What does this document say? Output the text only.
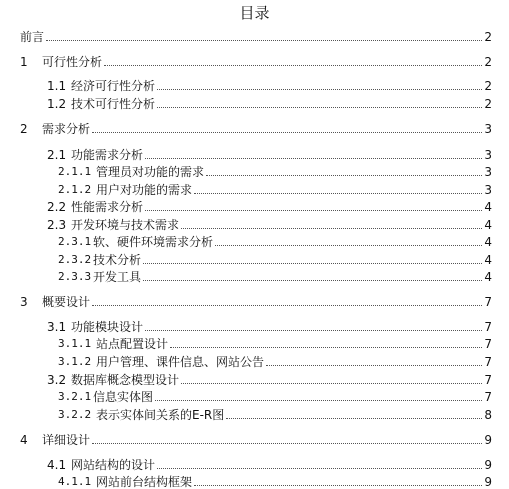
目录
前言	2
1	可行性分析	2
1.1 经济可行性分析	2
1.2 技术可行性分析	2
2	需求分析	3
2.1 功能需求分析	3
2.1.1 管理员对功能的需求	3
2.1.2 用户对功能的需求	3
2.2 性能需求分析	4
2.3 开发环境与技术需求	4
2.3.1 软、硬件环境需求分析	4
2.3.2 技术分析	4
2.3.3 开发工具	4
3	概要设计	7
3.1 功能模块设计	7
3.1.1 站点配置设计	7
3.1.2 用户管理、课件信息、网站公告	7
3.2 数据库概念模型设计	7
3.2.1 信息实体图	7
3.2.2 表示实体间关系的E-R图	8
4	详细设计	9
4.1 网站结构的设计	9
4.1.1 网站前台结构框架	9
